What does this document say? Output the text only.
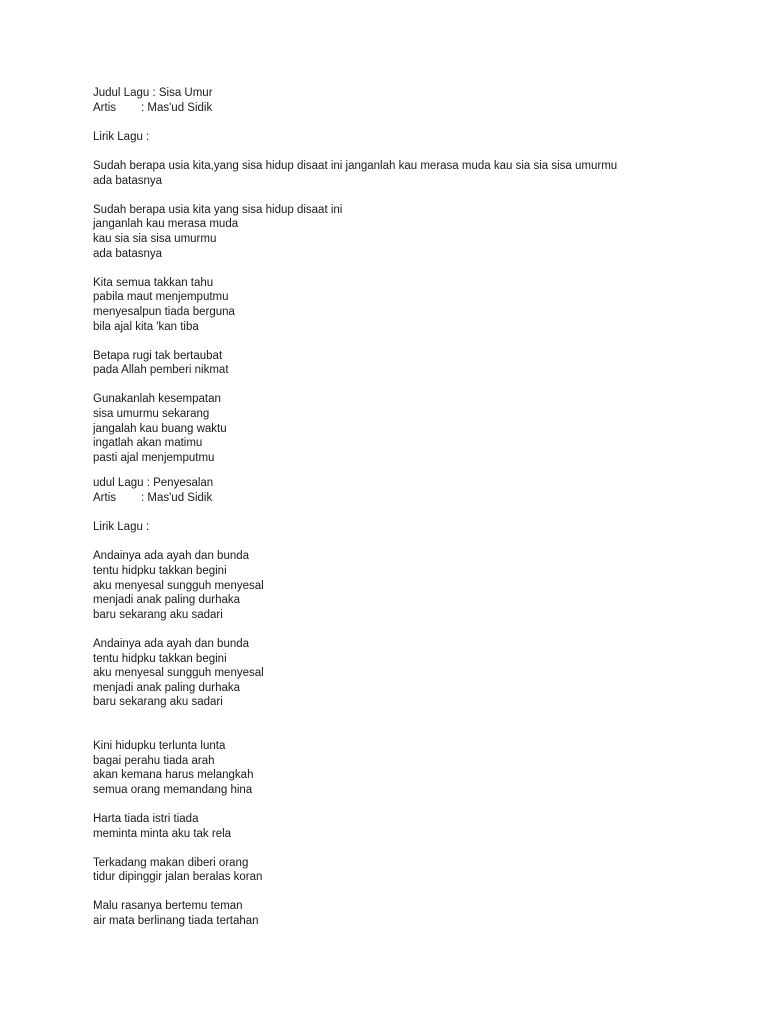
Judul Lagu : Sisa Umur
Artis	: Mas'ud Sidik
Lirik Lagu :
Sudah berapa usia kita,yang sisa hidup disaat ini janganlah kau merasa muda kau sia sia sisa umurmu
ada batasnya
Sudah berapa usia kita yang sisa hidup disaat ini
janganlah kau merasa muda
kau sia sia sisa umurmu
ada batasnya
Kita semua takkan tahu
pabila maut menjemputmu
menyesalpun tiada berguna
bila ajal kita 'kan tiba
Betapa rugi tak bertaubat
pada Allah pemberi nikmat
Gunakanlah kesempatan
sisa umurmu sekarang
jangalah kau buang waktu
ingatlah akan matimu
pasti ajal menjemputmu
udul Lagu : Penyesalan
Artis	: Mas'ud Sidik
Lirik Lagu :
Andainya ada ayah dan bunda
tentu hidpku takkan begini
aku menyesal sungguh menyesal
menjadi anak paling durhaka
baru sekarang aku sadari
Andainya ada ayah dan bunda
tentu hidpku takkan begini
aku menyesal sungguh menyesal
menjadi anak paling durhaka
baru sekarang aku sadari
Kini hidupku terlunta lunta
bagai perahu tiada arah
akan kemana harus melangkah
semua orang memandang hina
Harta tiada istri tiada
meminta minta aku tak rela
Terkadang makan diberi orang
tidur dipinggir jalan beralas koran
Malu rasanya bertemu teman
air mata berlinang tiada tertahan
